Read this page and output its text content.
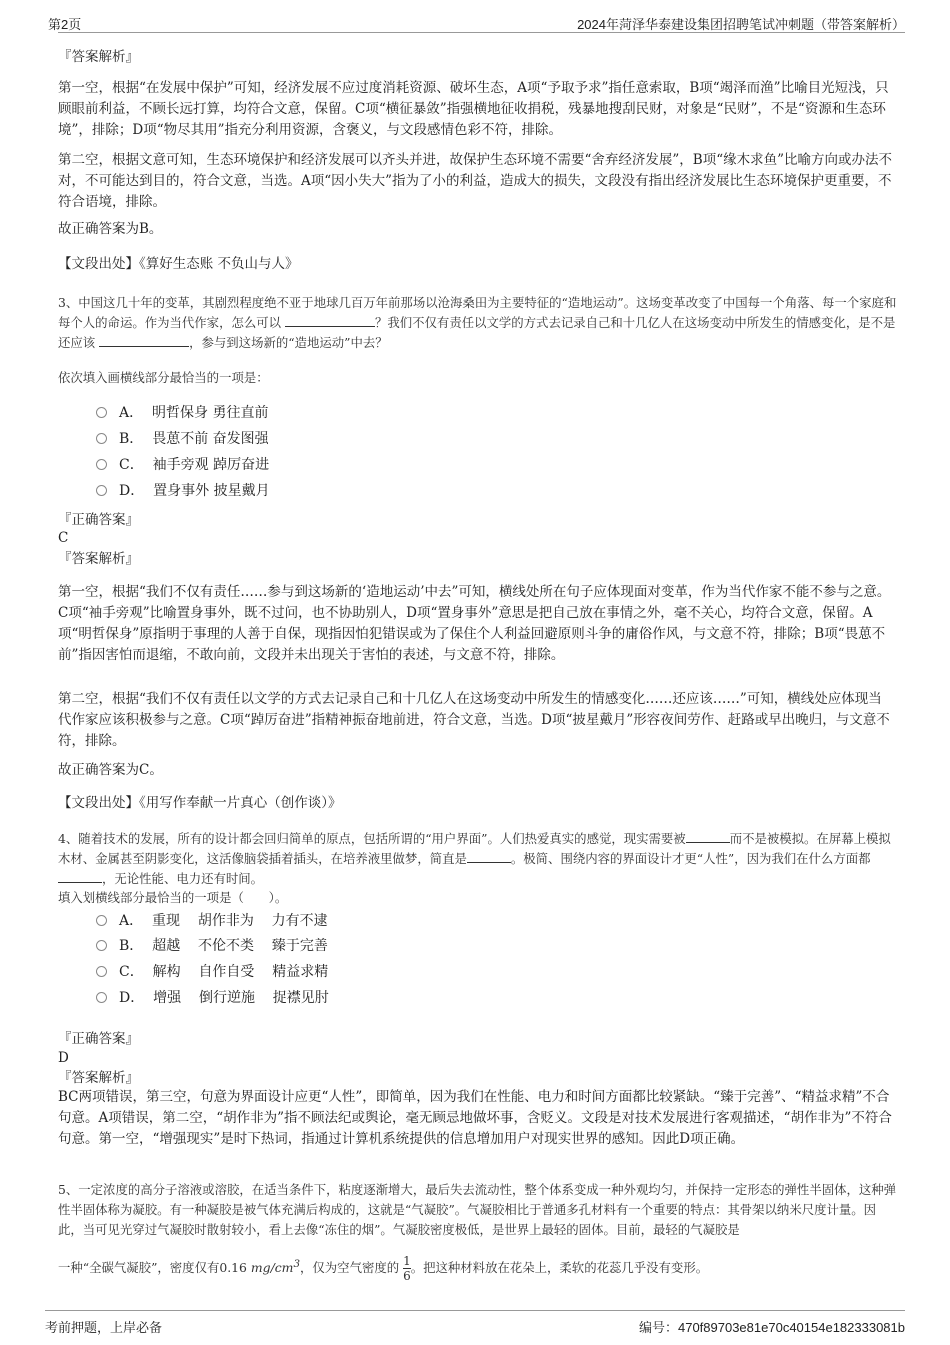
第2页	2024年菏泽华泰建设集团招聘笔试冲刺题（带答案解析）

『答案解析』

第一空，根据“在发展中保护”可知，经济发展不应过度消耗资源、破坏生态，A项“予取予求”指任意索取，B项“竭泽而渔”比喻目光短浅，只顾眼前利益，不顾长远打算，均符合文意，保留。C项“横征暴敛”指强横地征收捐税，残暴地搜刮民财，对象是“民财”，不是“资源和生态环境”，排除；D项“物尽其用”指充分利用资源，含褒义，与文段感情色彩不符，排除。

第二空，根据文意可知，生态环境保护和经济发展可以齐头并进，故保护生态环境不需要“舍弃经济发展”，B项“缘木求鱼”比喻方向或办法不对，不可能达到目的，符合文意，当选。A项“因小失大”指为了小的利益，造成大的损失，文段没有指出经济发展比生态环境保护更重要，不符合语境，排除。

故正确答案为B。

【文段出处】《算好生态账 不负山与人》

3、中国这几十年的变革，其剧烈程度绝不亚于地球几百万年前那场以沧海桑田为主要特征的“造地运动”。这场变革改变了中国每一个角落、每一个家庭和每个人的命运。作为当代作家，怎么可以	？我们不仅有责任以文学的方式去记录自己和十几亿人在这场变动中所发生的情感变化，是不是还应该	，参与到这场新的“造地运动”中去？

依次填入画横线部分最恰当的一项是：

A． 明哲保身 勇往直前
B． 畏葸不前 奋发图强
C． 袖手旁观 踔厉奋进
D． 置身事外 披星戴月

『正确答案』

C

『答案解析』

第一空，根据“我们不仅有责任……参与到这场新的‘造地运动’中去”可知，横线处所在句子应体现面对变革，作为当代作家不能不参与之意。C项“袖手旁观”比喻置身事外，既不过问，也不协助别人，D项“置身事外”意思是把自己放在事情之外，毫不关心，均符合文意，保留。A项“明哲保身”原指明于事理的人善于自保，现指因怕犯错误或为了保住个人利益回避原则斗争的庸俗作风，与文意不符，排除；B项“畏葸不前”指因害怕而退缩，不敢向前，文段并未出现关于害怕的表述，与文意不符，排除。

第二空，根据“我们不仅有责任以文学的方式去记录自己和十几亿人在这场变动中所发生的情感变化……还应该……”可知，横线处应体现当代作家应该积极参与之意。C项“踔厉奋进”指精神振奋地前进，符合文意，当选。D项“披星戴月”形容夜间劳作、赶路或早出晚归，与文意不符，排除。

故正确答案为C。

【文段出处】《用写作奉献一片真心（创作谈）》

4、随着技术的发展，所有的设计都会回归简单的原点，包括所谓的“用户界面”。人们热爱真实的感觉，现实需要被	而不是被模拟。在屏幕上模拟木材、金属甚至阴影变化，这活像脑袋插着插头，在培养液里做梦，简直是	。极简、围绕内容的界面设计才更“人性”，因为我们在什么方面都，无论性能、电力还有时间。

填入划横线部分最恰当的一项是（　　）。

A． 重现 胡作非为 力有不逮
B． 超越 不伦不类 臻于完善
C． 解构 自作自受 精益求精
D． 增强 倒行逆施 捉襟见肘

『正确答案』

D

『答案解析』

BC两项错误，第三空，句意为界面设计应更“人性”，即简单，因为我们在性能、电力和时间方面都比较紧缺。“臻于完善”、“精益求精”不合句意。A项错误，第二空，“胡作非为”指不顾法纪或舆论，毫无顾忌地做坏事，含贬义。文段是对技术发展进行客观描述，“胡作非为”不符合句意。第一空，“增强现实”是时下热词，指通过计算机系统提供的信息增加用户对现实世界的感知。因此D项正确。

5、一定浓度的高分子溶液或溶胶，在适当条件下，粘度逐渐增大，最后失去流动性，整个体系变成一种外观均匀，并保持一定形态的弹性半固体，这种弹性半固体称为凝胶。有一种凝胶是被气体充满后构成的，这就是“气凝胶”。气凝胶相比于普通多孔材料有一个重要的特点：其骨架以纳米尺度计量。因此，当可见光穿过气凝胶时散射较小，看上去像“冻住的烟”。气凝胶密度极低，是世界上最轻的固体。目前，最轻的气凝胶是

一种“全碳气凝胶”，密度仅有0.16 $mg/cm^3$，仅为空气密度的 $\frac{1}{6}$ 。把这种材料放在花朵上，柔软的花蕊几乎没有变形。

考前押题，上岸必备	编号：470f89703e81e70c40154e182333081b
